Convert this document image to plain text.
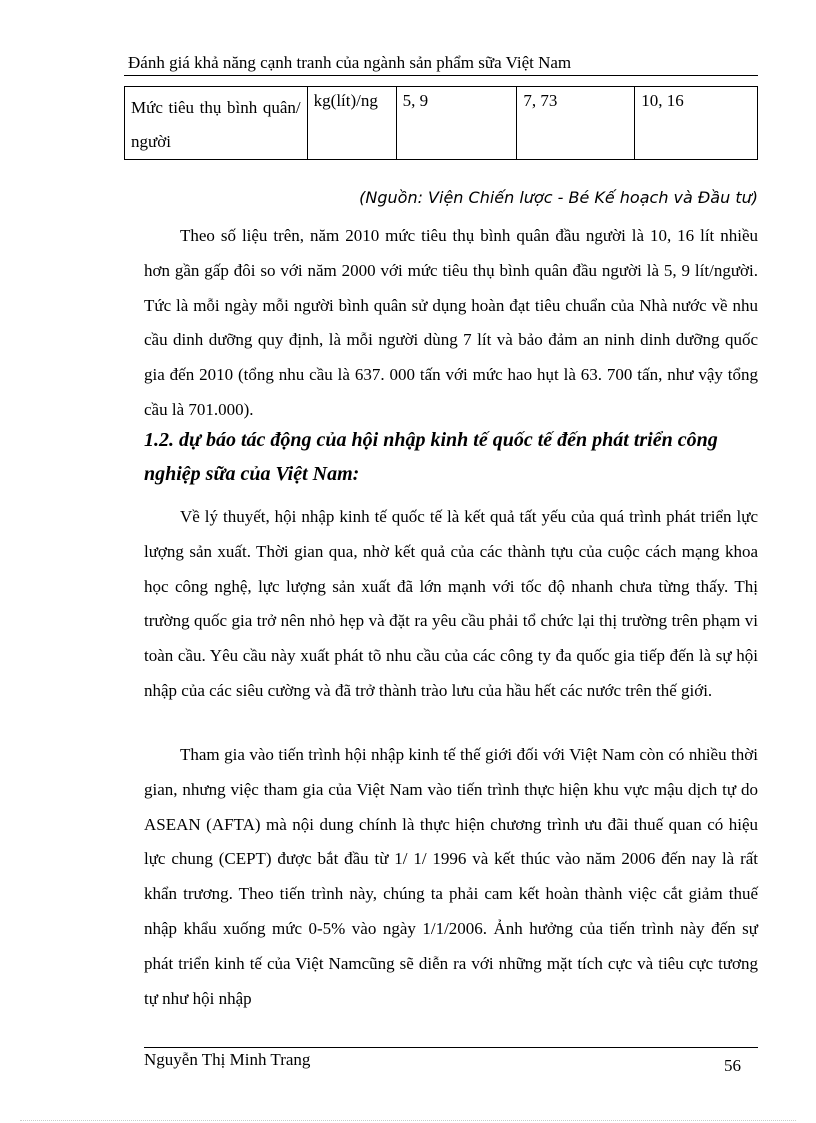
Đánh giá khả năng cạnh tranh của ngành sản phẩm sữa Việt Nam
Mức tiêu thụ bình quân/ người	kg(lít)/ng	5, 9	7, 73	10, 16
(Nguồn: Viện Chiến lược - Bé Kế hoạch và Đầu tư)

Theo số liệu trên, năm 2010 mức tiêu thụ bình quân đầu người là 10, 16 lít nhiều hơn gần gấp đôi so với năm 2000 với mức tiêu thụ bình quân đầu người là 5, 9 lít/người. Tức là mỗi ngày mỗi người bình quân sử dụng hoàn đạt tiêu chuẩn của Nhà nước về nhu cầu dinh dưỡng quy định, là mỗi người dùng 7 lít và bảo đảm an ninh dinh dưỡng quốc gia đến 2010 (tổng nhu cầu là 637. 000 tấn với mức hao hụt là 63. 700 tấn, như vậy tổng cầu là 701.000).

1.2. dự báo tác động của hội nhập kinh tế quốc tế đến phát triển công nghiệp sữa của Việt Nam:

Về lý thuyết, hội nhập kinh tế quốc tế là kết quả tất yếu của quá trình phát triển lực lượng sản xuất. Thời gian qua, nhờ kết quả của các thành tựu của cuộc cách mạng khoa học công nghệ, lực lượng sản xuất đã lớn mạnh với tốc độ nhanh chưa từng thấy. Thị trường quốc gia trở nên nhỏ hẹp và đặt ra yêu cầu phải tổ chức lại thị trường trên phạm vi toàn cầu. Yêu cầu này xuất phát tõ nhu cầu của các công ty đa quốc gia tiếp đến là sự hội nhập của các siêu cường và đã trở thành trào lưu của hầu hết các nước trên thế giới.

Tham gia vào tiến trình hội nhập kinh tế thế giới đối với Việt Nam còn có nhiều thời gian, nhưng việc tham gia của Việt Nam vào tiến trình thực hiện khu vực mậu dịch tự do ASEAN (AFTA) mà nội dung chính là thực hiện chương trình ưu đãi thuế quan có hiệu lực chung (CEPT) được bắt đầu từ 1/ 1/ 1996 và kết thúc vào năm 2006 đến nay là rất khẩn trương. Theo tiến trình này, chúng ta phải cam kết hoàn thành việc cắt giảm thuế nhập khẩu xuống mức 0-5% vào ngày 1/1/2006. Ảnh hưởng của tiến trình này đến sự phát triển kinh tế của Việt Namcũng sẽ diễn ra với những mặt tích cực và tiêu cực tương tự như hội nhập

Nguyễn Thị Minh Trang	56
